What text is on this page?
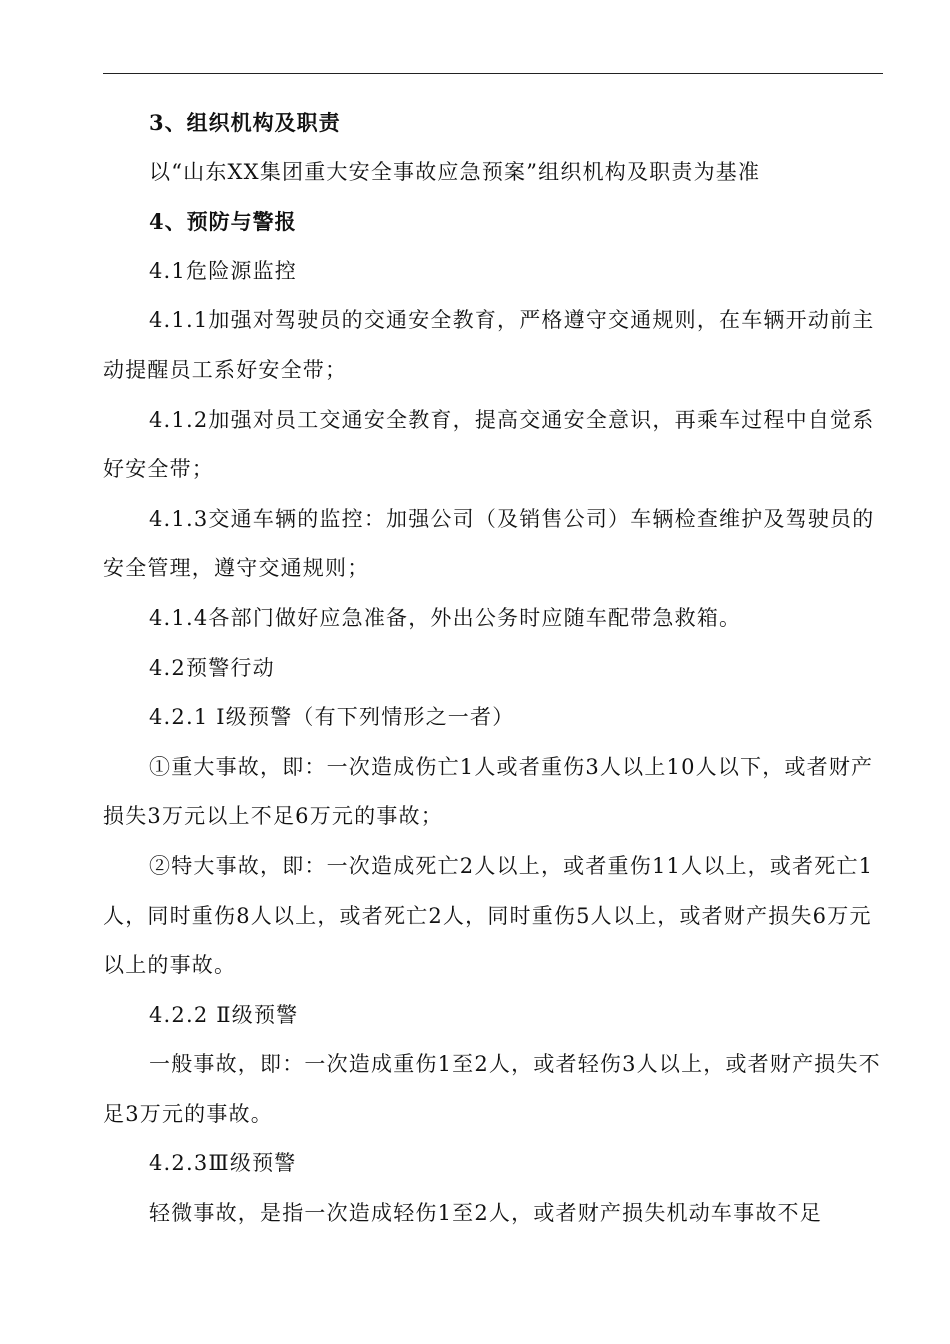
3、组织机构及职责

以“山东XX集团重大安全事故应急预案”组织机构及职责为基准

4、预防与警报

4.1危险源监控

4.1.1加强对驾驶员的交通安全教育，严格遵守交通规则，在车辆开动前主动提醒员工系好安全带；

4.1.2加强对员工交通安全教育，提高交通安全意识，再乘车过程中自觉系好安全带；

4.1.3交通车辆的监控：加强公司（及销售公司）车辆检查维护及驾驶员的安全管理，遵守交通规则；

4.1.4各部门做好应急准备，外出公务时应随车配带急救箱。

4.2预警行动

4.2.1 Ⅰ级预警（有下列情形之一者）

①重大事故，即：一次造成伤亡1人或者重伤3人以上10人以下，或者财产损失3万元以上不足6万元的事故；

②特大事故，即：一次造成死亡2人以上，或者重伤11人以上，或者死亡1人，同时重伤8人以上，或者死亡2人，同时重伤5人以上，或者财产损失6万元以上的事故。

4.2.2 Ⅱ级预警

一般事故，即：一次造成重伤1至2人，或者轻伤3人以上，或者财产损失不足3万元的事故。

4.2.3Ⅲ级预警

轻微事故，是指一次造成轻伤1至2人，或者财产损失机动车事故不足
